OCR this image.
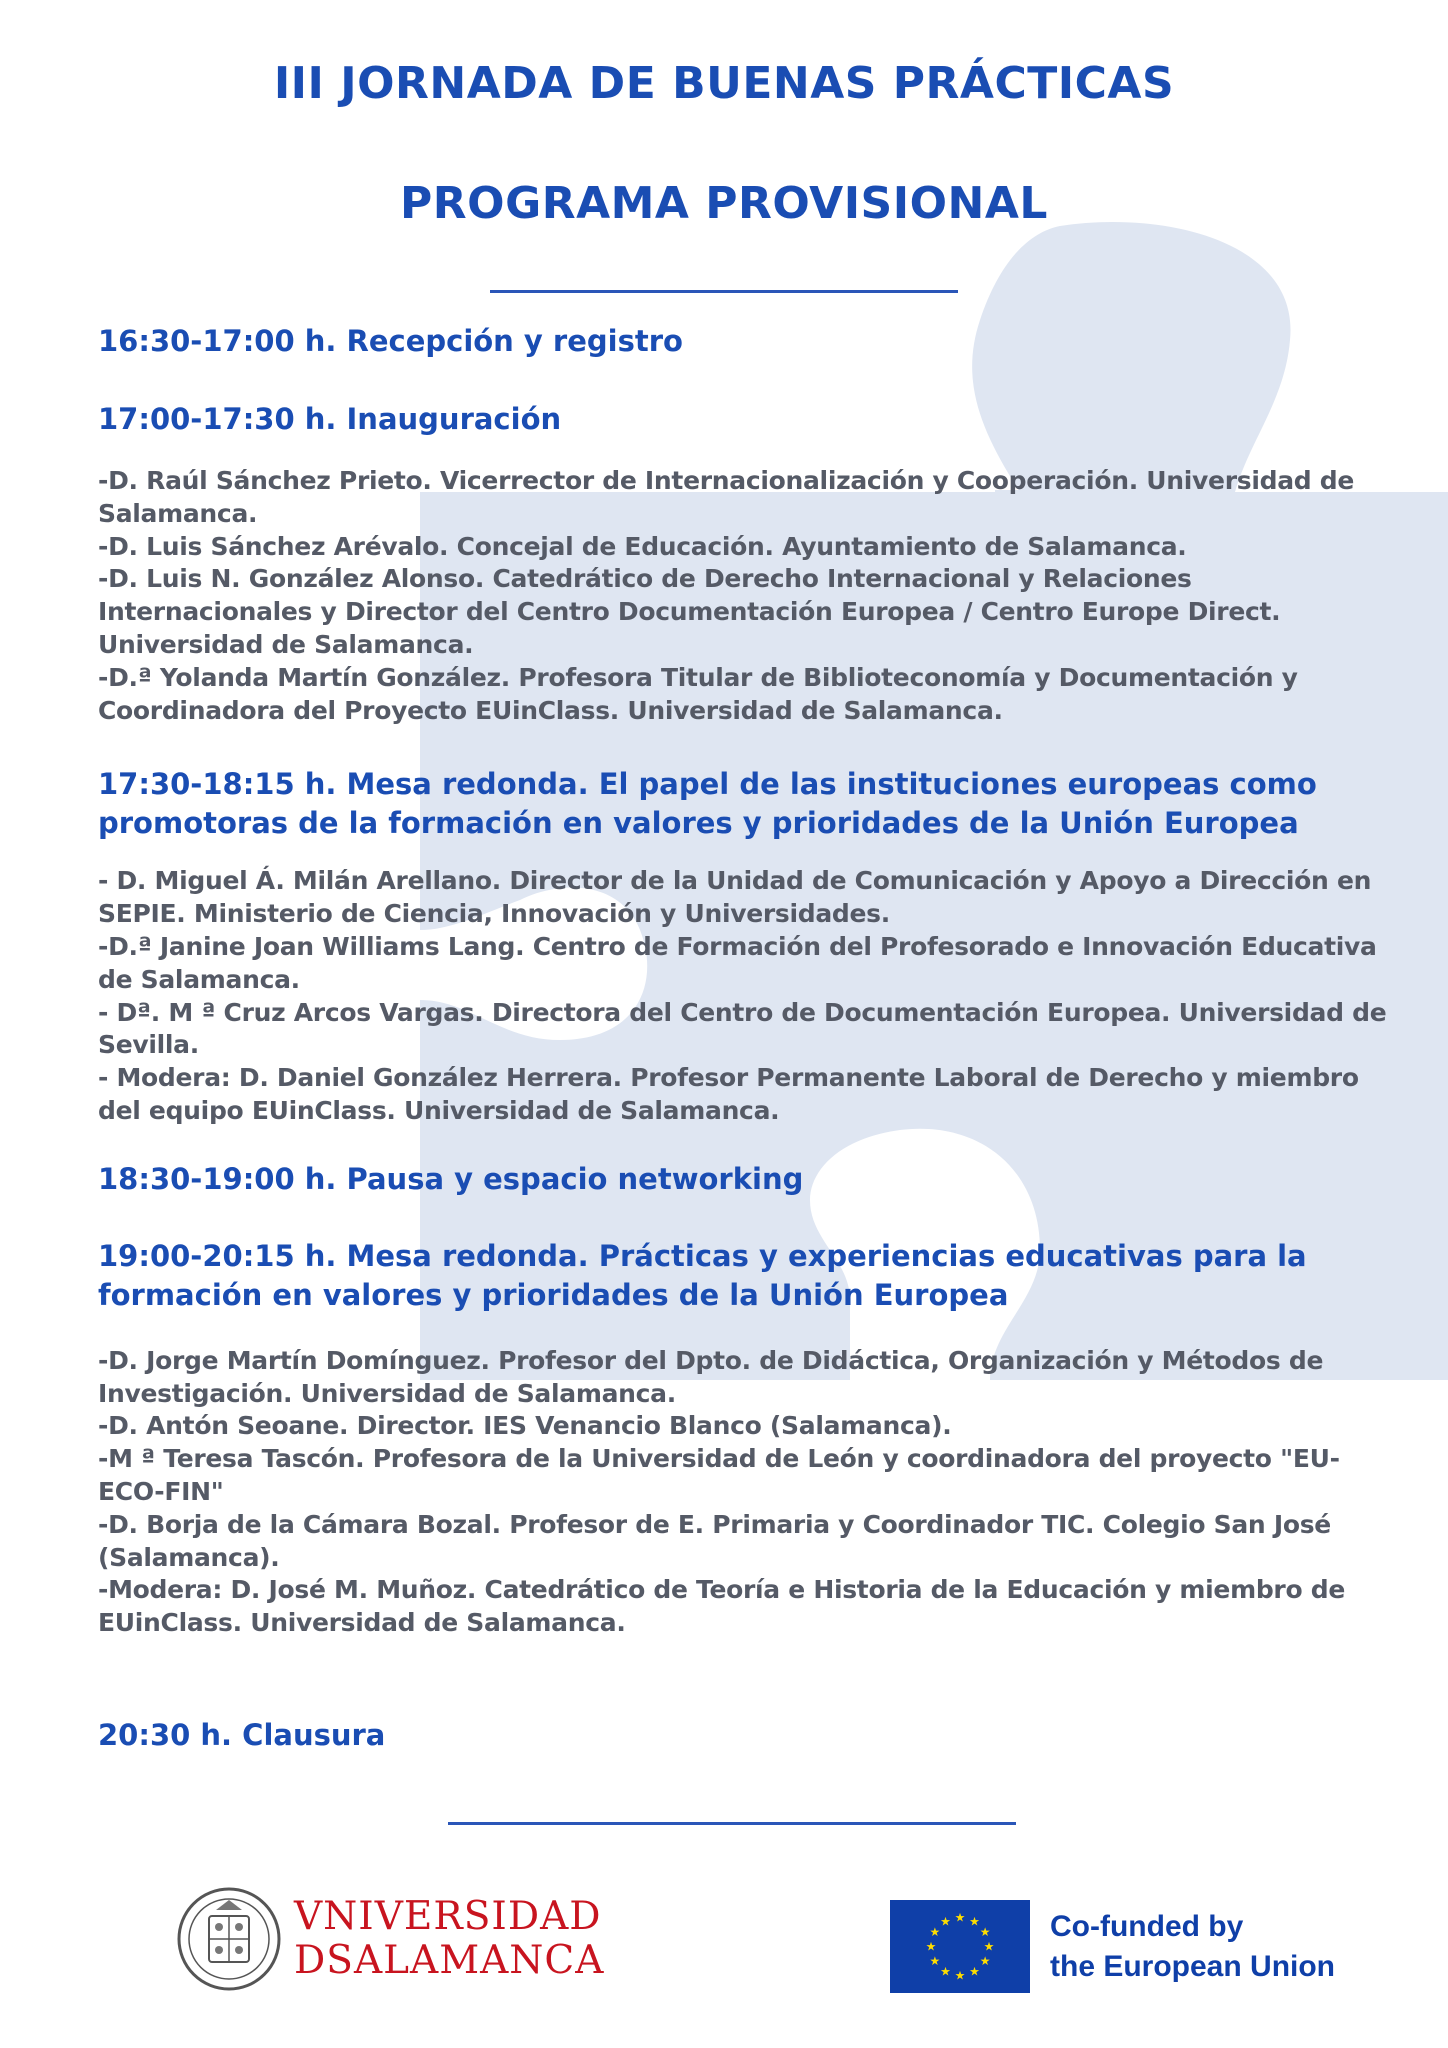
III JORNADA DE BUENAS PRÁCTICAS
PROGRAMA PROVISIONAL

16:30-17:00 h. Recepción y registro

17:00-17:30 h. Inauguración

-D. Raúl Sánchez Prieto. Vicerrector de Internacionalización y Cooperación. Universidad de Salamanca.
-D. Luis Sánchez Arévalo. Concejal de Educación. Ayuntamiento de Salamanca.
-D. Luis N. González Alonso. Catedrático de Derecho Internacional y Relaciones Internacionales y Director del Centro Documentación Europea / Centro Europe Direct. Universidad de Salamanca.
-D.ª Yolanda Martín González. Profesora Titular de Biblioteconomía y Documentación y Coordinadora del Proyecto EUinClass. Universidad de Salamanca.

17:30-18:15 h. Mesa redonda. El papel de las instituciones europeas como promotoras de la formación en valores y prioridades de la Unión Europea

- D. Miguel Á. Milán Arellano. Director de la Unidad de Comunicación y Apoyo a Dirección en SEPIE. Ministerio de Ciencia, Innovación y Universidades.
-D.ª Janine Joan Williams Lang. Centro de Formación del Profesorado e Innovación Educativa de Salamanca.
- Dª. M ª Cruz Arcos Vargas. Directora del Centro de Documentación Europea. Universidad de Sevilla.
- Modera: D. Daniel González Herrera. Profesor Permanente Laboral de Derecho y miembro del equipo EUinClass. Universidad de Salamanca.

18:30-19:00 h. Pausa y espacio networking

19:00-20:15 h. Mesa redonda. Prácticas y experiencias educativas para la formación en valores y prioridades de la Unión Europea

-D. Jorge Martín Domínguez. Profesor del Dpto. de Didáctica, Organización y Métodos de Investigación. Universidad de Salamanca.
-D. Antón Seoane. Director. IES Venancio Blanco (Salamanca).
-M ª Teresa Tascón. Profesora de la Universidad de León y coordinadora del proyecto "EU-ECO-FIN"
-D. Borja de la Cámara Bozal. Profesor de E. Primaria y Coordinador TIC. Colegio San José (Salamanca).
-Modera: D. José M. Muñoz. Catedrático de Teoría e Historia de la Educación y miembro de EUinClass. Universidad de Salamanca.

20:30 h. Clausura

VNIVERSIDAD
DSALAMANCA
★ ★
★
★
★
★
★
★
★
★
★
★	Co-funded by
the European Union
